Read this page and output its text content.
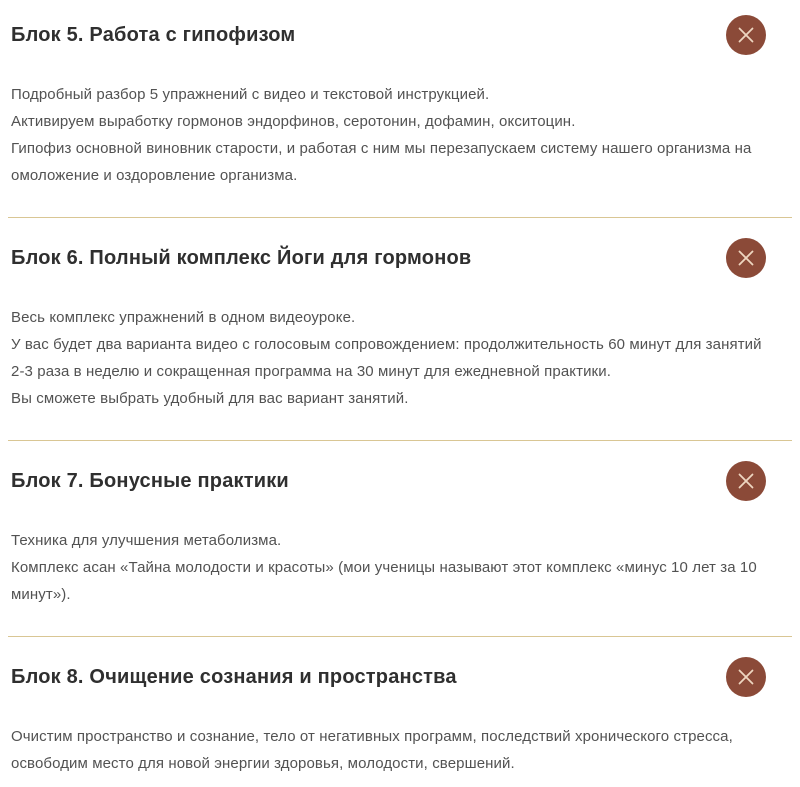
Блок 5. Работа с гипофизом

Подробный разбор 5 упражнений с видео и текстовой инструкцией.

Активируем выработку гормонов эндорфинов, серотонин, дофамин, окситоцин.

Гипофиз основной виновник старости, и работая с ним мы перезапускаем систему нашего организма на омоложение и оздоровление организма.

Блок 6. Полный комплекс Йоги для гормонов

Весь комплекс упражнений в одном видеоуроке.

У вас будет два варианта видео с голосовым сопровождением: продолжительность 60 минут для занятий 2-3 раза в неделю и сокращенная программа на 30 минут для ежедневной практики.

Вы сможете выбрать удобный для вас вариант занятий.

Блок 7. Бонусные практики

Техника для улучшения метаболизма.

Комплекс асан «Тайна молодости и красоты» (мои ученицы называют этот комплекс «минус 10 лет за 10 минут»).

Блок 8. Очищение сознания и пространства

Очистим пространство и сознание, тело от негативных программ, последствий хронического стресса, освободим место для новой энергии здоровья, молодости, свершений.
